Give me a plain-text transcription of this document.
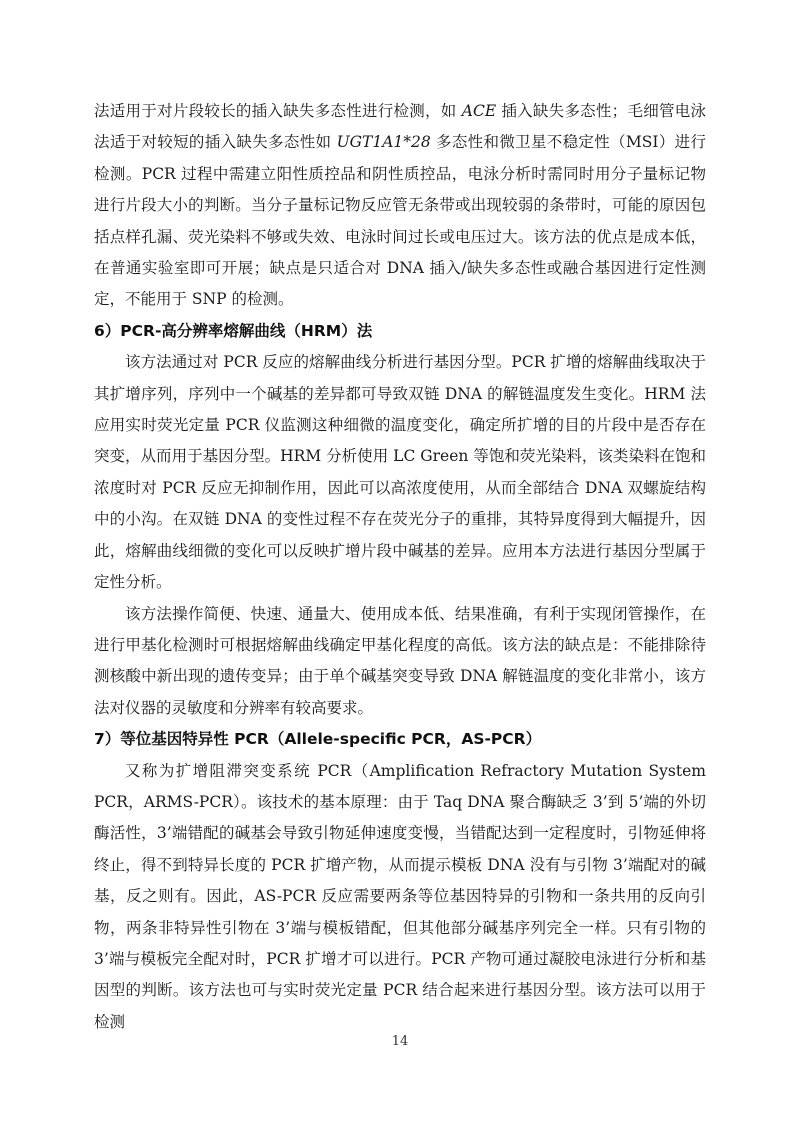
法适用于对片段较长的插入缺失多态性进行检测，如 ACE 插入缺失多态性；毛细管电泳法适于对较短的插入缺失多态性如 UGT1A1*28 多态性和微卫星不稳定性（MSI）进行检测。PCR 过程中需建立阳性质控品和阴性质控品，电泳分析时需同时用分子量标记物进行片段大小的判断。当分子量标记物反应管无条带或出现较弱的条带时，可能的原因包括点样孔漏、荧光染料不够或失效、电泳时间过长或电压过大。该方法的优点是成本低，在普通实验室即可开展；缺点是只适合对 DNA 插入/缺失多态性或融合基因进行定性测定，不能用于 SNP 的检测。

6）PCR-高分辨率熔解曲线（HRM）法

该方法通过对 PCR 反应的熔解曲线分析进行基因分型。PCR 扩增的熔解曲线取决于其扩增序列，序列中一个碱基的差异都可导致双链 DNA 的解链温度发生变化。HRM 法应用实时荧光定量 PCR 仪监测这种细微的温度变化，确定所扩增的目的片段中是否存在突变，从而用于基因分型。HRM 分析使用 LC Green 等饱和荧光染料，该类染料在饱和浓度时对 PCR 反应无抑制作用，因此可以高浓度使用，从而全部结合 DNA 双螺旋结构中的小沟。在双链 DNA 的变性过程不存在荧光分子的重排，其特异度得到大幅提升，因此，熔解曲线细微的变化可以反映扩增片段中碱基的差异。应用本方法进行基因分型属于定性分析。

该方法操作简便、快速、通量大、使用成本低、结果准确，有利于实现闭管操作，在进行甲基化检测时可根据熔解曲线确定甲基化程度的高低。该方法的缺点是：不能排除待测核酸中新出现的遗传变异；由于单个碱基突变导致 DNA 解链温度的变化非常小，该方法对仪器的灵敏度和分辨率有较高要求。

7）等位基因特异性 PCR（Allele-specific PCR，AS-PCR）

又称为扩增阻滞突变系统 PCR（Amplification Refractory Mutation System PCR，ARMS-PCR）。该技术的基本原理：由于 Taq DNA 聚合酶缺乏 3’到 5’端的外切酶活性，3’端错配的碱基会导致引物延伸速度变慢，当错配达到一定程度时，引物延伸将终止，得不到特异长度的 PCR 扩增产物，从而提示模板 DNA 没有与引物 3’端配对的碱基，反之则有。因此，AS-PCR 反应需要两条等位基因特异的引物和一条共用的反向引物，两条非特异性引物在 3’端与模板错配，但其他部分碱基序列完全一样。只有引物的 3’端与模板完全配对时，PCR 扩增才可以进行。PCR 产物可通过凝胶电泳进行分析和基因型的判断。该方法也可与实时荧光定量 PCR 结合起来进行基因分型。该方法可以用于检测

14
